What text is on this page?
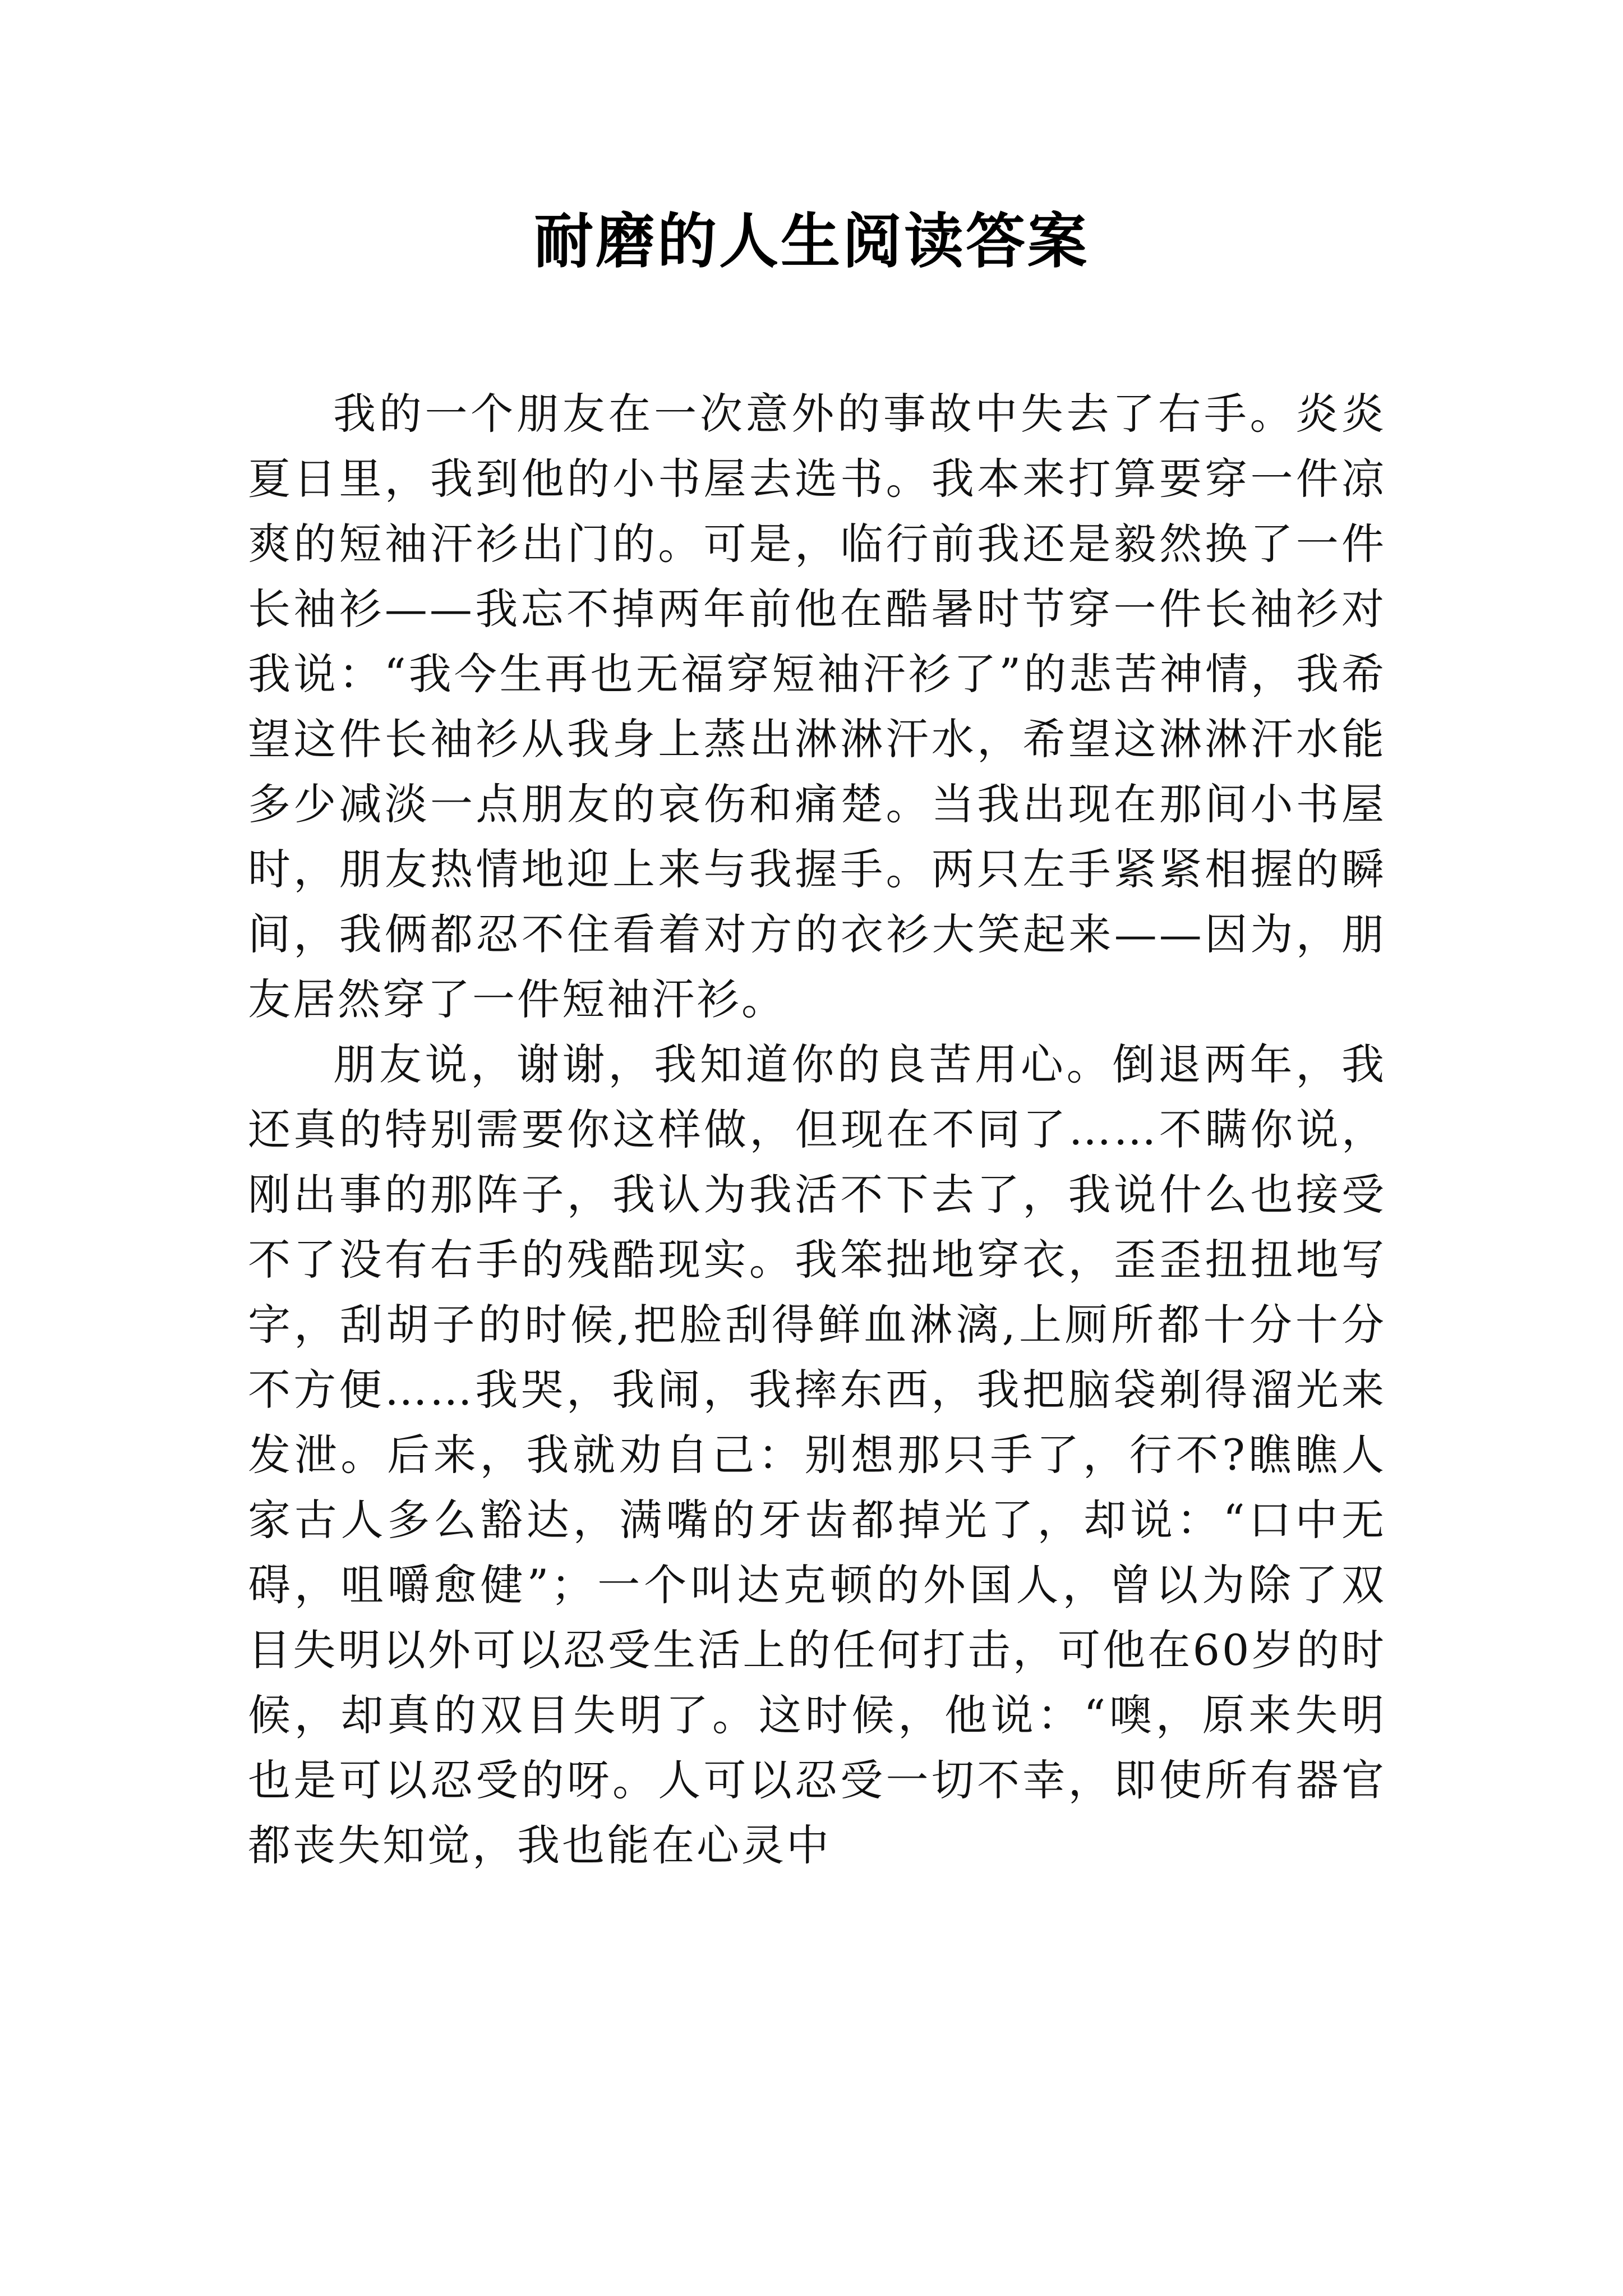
耐磨的人生阅读答案

我的一个朋友在一次意外的事故中失去了右手。炎炎夏日里，我到他的小书屋去选书。我本来打算要穿一件凉爽的短袖汗衫出门的。可是，临行前我还是毅然换了一件长袖衫——我忘不掉两年前他在酷暑时节穿一件长袖衫对我说：“我今生再也无福穿短袖汗衫了”的悲苦神情，我希望这件长袖衫从我身上蒸出淋淋汗水，希望这淋淋汗水能多少减淡一点朋友的哀伤和痛楚。当我出现在那间小书屋时，朋友热情地迎上来与我握手。两只左手紧紧相握的瞬间，我俩都忍不住看着对方的衣衫大笑起来——因为，朋友居然穿了一件短袖汗衫。

朋友说，谢谢，我知道你的良苦用心。倒退两年，我还真的特别需要你这样做，但现在不同了……不瞒你说，刚出事的那阵子，我认为我活不下去了，我说什么也接受不了没有右手的残酷现实。我笨拙地穿衣，歪歪扭扭地写字，刮胡子的时候,把脸刮得鲜血淋漓,上厕所都十分十分不方便……我哭，我闹，我摔东西，我把脑袋剃得溜光来发泄。后来，我就劝自己：别想那只手了，行不?瞧瞧人家古人多么豁达，满嘴的牙齿都掉光了，却说：“口中无碍，咀嚼愈健”；一个叫达克顿的外国人，曾以为除了双目失明以外可以忍受生活上的任何打击，可他在60岁的时候，却真的双目失明了。这时候，他说：“噢，原来失明也是可以忍受的呀。人可以忍受一切不幸，即使所有器官都丧失知觉，我也能在心灵中
